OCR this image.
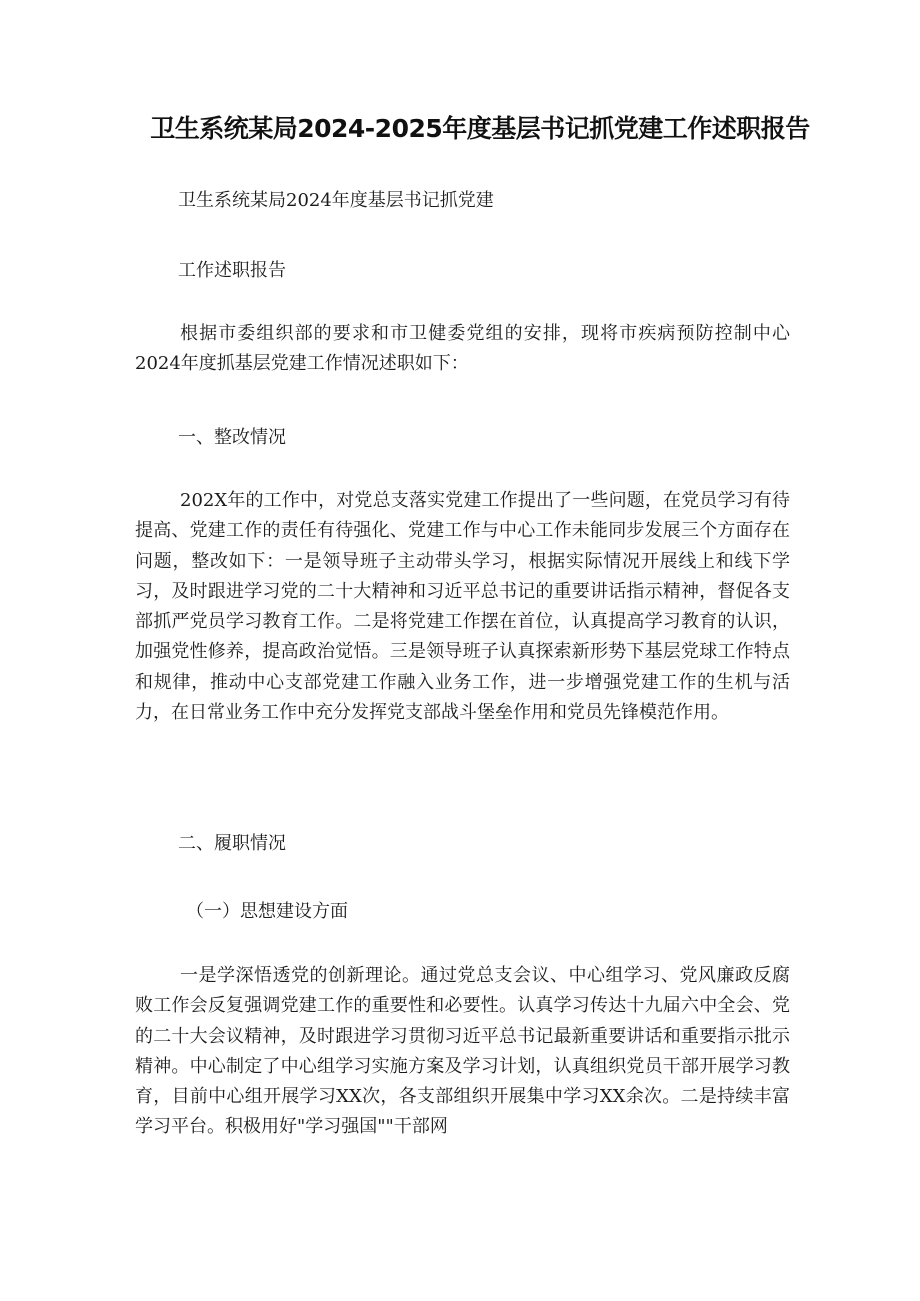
卫生系统某局2024-2025年度基层书记抓党建工作述职报告

卫生系统某局2024年度基层书记抓党建

工作述职报告

根据市委组织部的要求和市卫健委党组的安排，现将市疾病预防控制中心2024年度抓基层党建工作情况述职如下：

一、整改情况

202X年的工作中，对党总支落实党建工作提出了一些问题，在党员学习有待提高、党建工作的责任有待强化、党建工作与中心工作未能同步发展三个方面存在问题，整改如下：一是领导班子主动带头学习，根据实际情况开展线上和线下学习，及时跟进学习党的二十大精神和习近平总书记的重要讲话指示精神，督促各支部抓严党员学习教育工作。二是将党建工作摆在首位，认真提高学习教育的认识，加强党性修养，提高政治觉悟。三是领导班子认真探索新形势下基层党球工作特点和规律，推动中心支部党建工作融入业务工作，进一步增强党建工作的生机与活力，在日常业务工作中充分发挥党支部战斗堡垒作用和党员先锋模范作用。

二、履职情况

（一）思想建设方面

一是学深悟透党的创新理论。通过党总支会议、中心组学习、党风廉政反腐败工作会反复强调党建工作的重要性和必要性。认真学习传达十九届六中全会、党的二十大会议精神，及时跟进学习贯彻习近平总书记最新重要讲话和重要指示批示精神。中心制定了中心组学习实施方案及学习计划，认真组织党员干部开展学习教育，目前中心组开展学习XX次，各支部组织开展集中学习XX余次。二是持续丰富学习平台。积极用好"学习强国""干部网
